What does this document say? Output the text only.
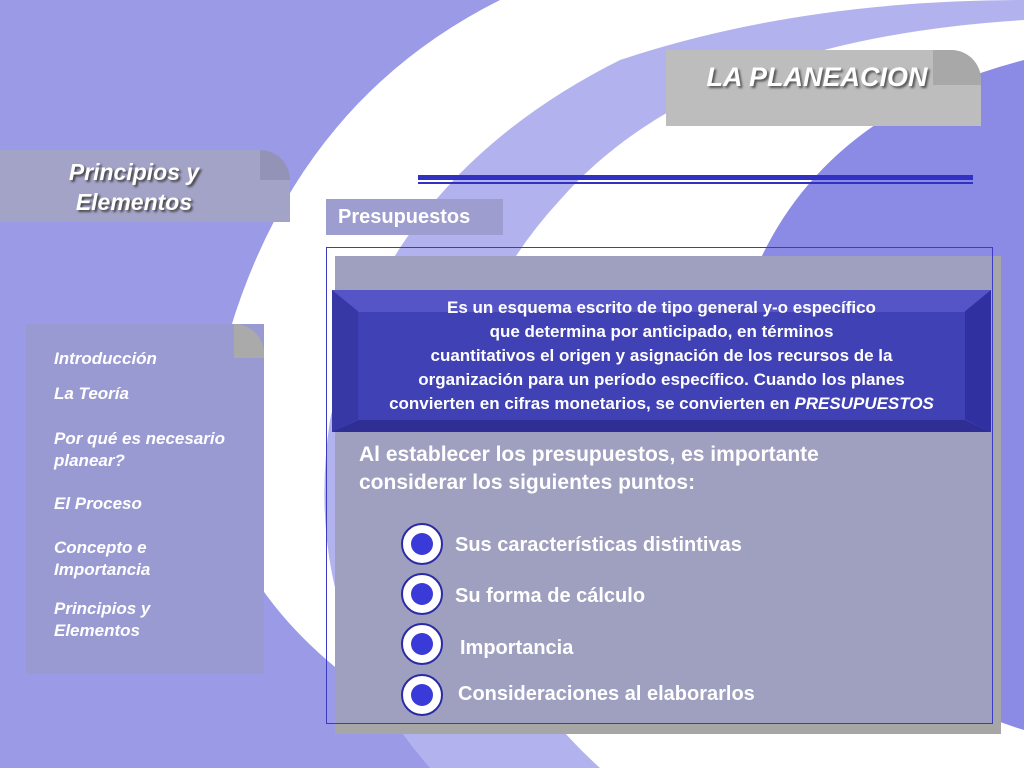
LA PLANEACION
Principios y
Elementos
Introducción
La Teoría
Por qué es necesario
planear?
El Proceso
Concepto e
Importancia
Principios y
Elementos
Presupuestos
Es un esquema escrito de tipo general y-o específico
que determina por anticipado, en términos
cuantitativos el origen y asignación de los recursos de la
organización para un período específico. Cuando los planes
convierten en cifras monetarios, se convierten en PRESUPUESTOS
Al establecer los presupuestos, es importante
considerar los siguientes puntos:
Sus características distintivas
Su forma de cálculo
Importancia
Consideraciones al elaborarlos
